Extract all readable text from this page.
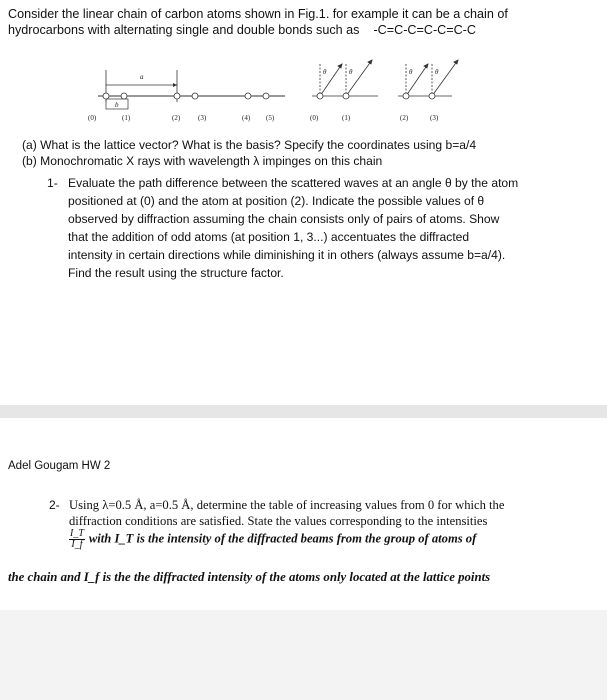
Consider the linear chain of carbon atoms shown in Fig.1. for example it can be a chain of
hydrocarbons with alternating single and double bonds such as -C=C-C=C-C=C-C
a
b
(0)	(1)	(2)	(3)	(4) (5)
θ	θ	θ	θ
(0)	(1)	(2)	(3)
(a) What is the lattice vector? What is the basis? Specify the coordinates using b=a/4
(b) Monochromatic X rays with wavelength λ impinges on this chain
1- Evaluate the path difference between the scattered waves at an angle θ by the atom
positioned at (0) and the atom at position (2). Indicate the possible values of θ
observed by diffraction assuming the chain consists only of pairs of atoms. Show
that the addition of odd atoms (at position 1, 3...) accentuates the diffracted
intensity in certain directions while diminishing it in others (always assume b=a/4).
Find the result using the structure factor.
Adel Gougam HW 2
2- Using λ=0.5 Å, a=0.5 Å, determine the table of increasing values from 0 for which the
diffraction conditions are satisfied. State the values corresponding to the intensities
$\frac{I\_T}{I\_f}$ with I_T is the intensity of the diffracted beams from the group of atoms of
the chain and I_f is the the diffracted intensity of the atoms only located at the lattice points
